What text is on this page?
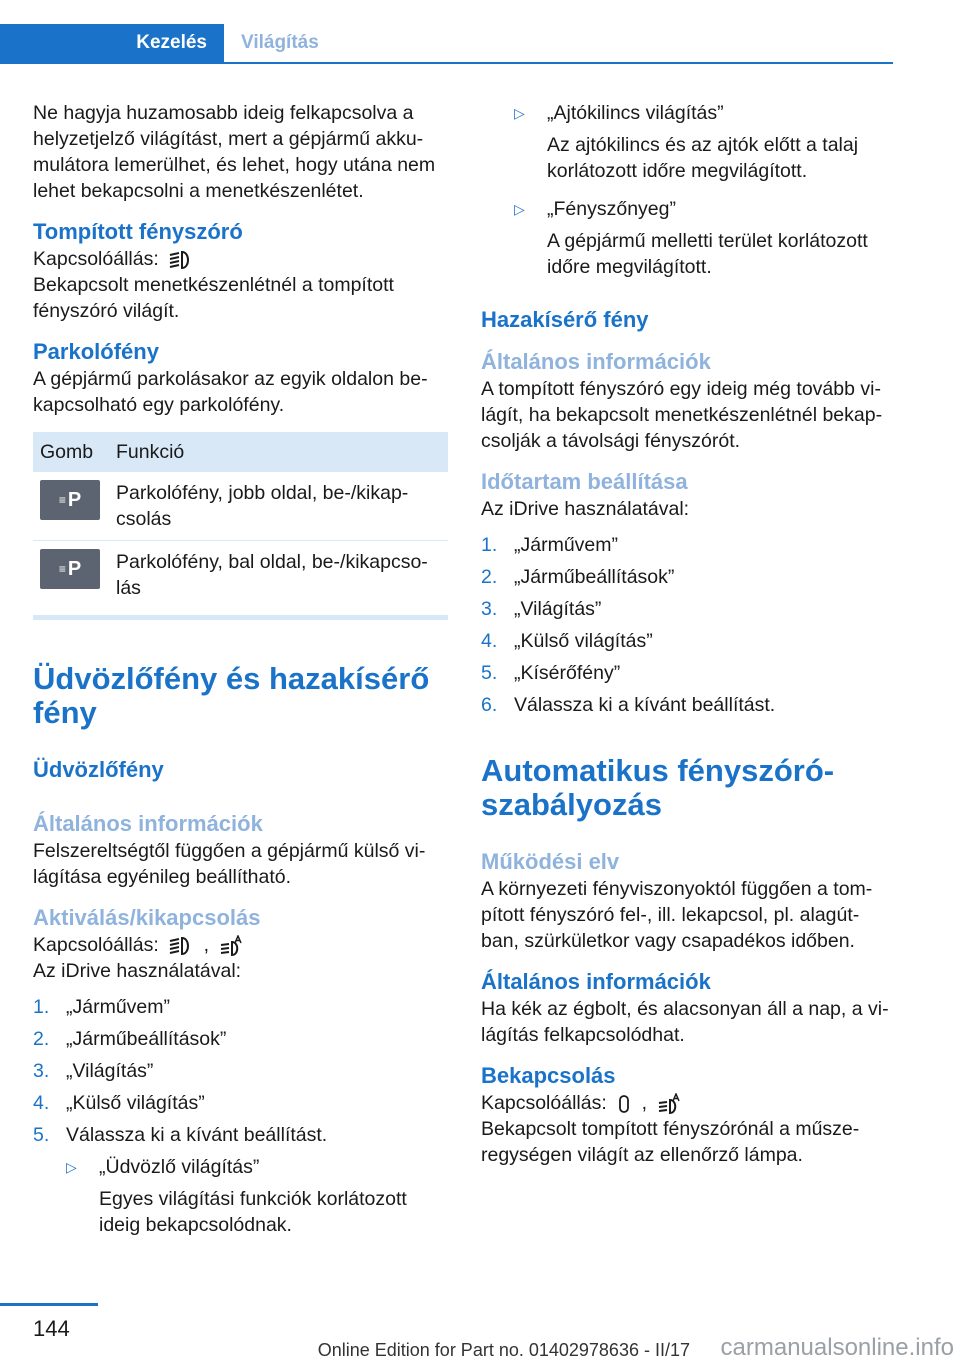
Kezelés	Világítás

Ne hagyja huzamosabb ideig felkapcsolva a helyzetjelző világítást, mert a gépjármű akku- mulátora lemerülhet, és lehet, hogy utána nem lehet bekapcsolni a menetkészenlétet.

Tompított fényszóró

Kapcsolóállás:

Bekapcsolt menetkészenlétnél a tompított fényszóró világít.

Parkolófény

A gépjármű parkolásakor az egyik oldalon be- kapcsolható egy parkolófény.

Gomb	Funkció

≡ P	Parkolófény, jobb oldal, be-/kikap- csolás

≡ P	Parkolófény, bal oldal, be-/kikapcso- lás
Üdvözlőfény és hazakísérő fény
Üdvözlőfény
Általános információk

Felszereltségtől függően a gépjármű külső vi- lágítása egyénileg beállítható.

Aktiválás/kikapcsolás

Kapcsolóállás: ,

Az iDrive használatával:

1. „Járművem”
2. „Járműbeállítások”
3. „Világítás”
4. „Külső világítás”
5. Válassza ki a kívánt beállítást.
▷	„Üdvözlő világítás”
Egyes világítási funkciók korlátozott ideig bekapcsolódnak.
▷	„Ajtókilincs világítás”
Az ajtókilincs és az ajtók előtt a talaj korlátozott időre megvilágított.
▷	„Fényszőnyeg”
A gépjármű melletti terület korlátozott időre megvilágított.
Hazakísérő fény
Általános információk

A tompított fényszóró egy ideig még tovább vi- lágít, ha bekapcsolt menetkészenlétnél bekap- csolják a távolsági fényszórót.

Időtartam beállítása

Az iDrive használatával:

1. „Járművem”
2. „Járműbeállítások”
3. „Világítás”
4. „Külső világítás”
5. „Kísérőfény”
6. Válassza ki a kívánt beállítást.
Automatikus fényszóró- szabályozás
Működési elv

A környezeti fényviszonyoktól függően a tom- pított fényszóró fel-, ill. lekapcsol, pl. alagút- ban, szürkületkor vagy csapadékos időben.

Általános információk

Ha kék az égbolt, és alacsonyan áll a nap, a vi- lágítás felkapcsolódhat.

Bekapcsolás

Kapcsolóállás: ,

Bekapcsolt tompított fényszórónál a műsze- regységen világít az ellenőrző lámpa.

144
Online Edition for Part no. 01402978636 - II/17 carmanualsonline.info
